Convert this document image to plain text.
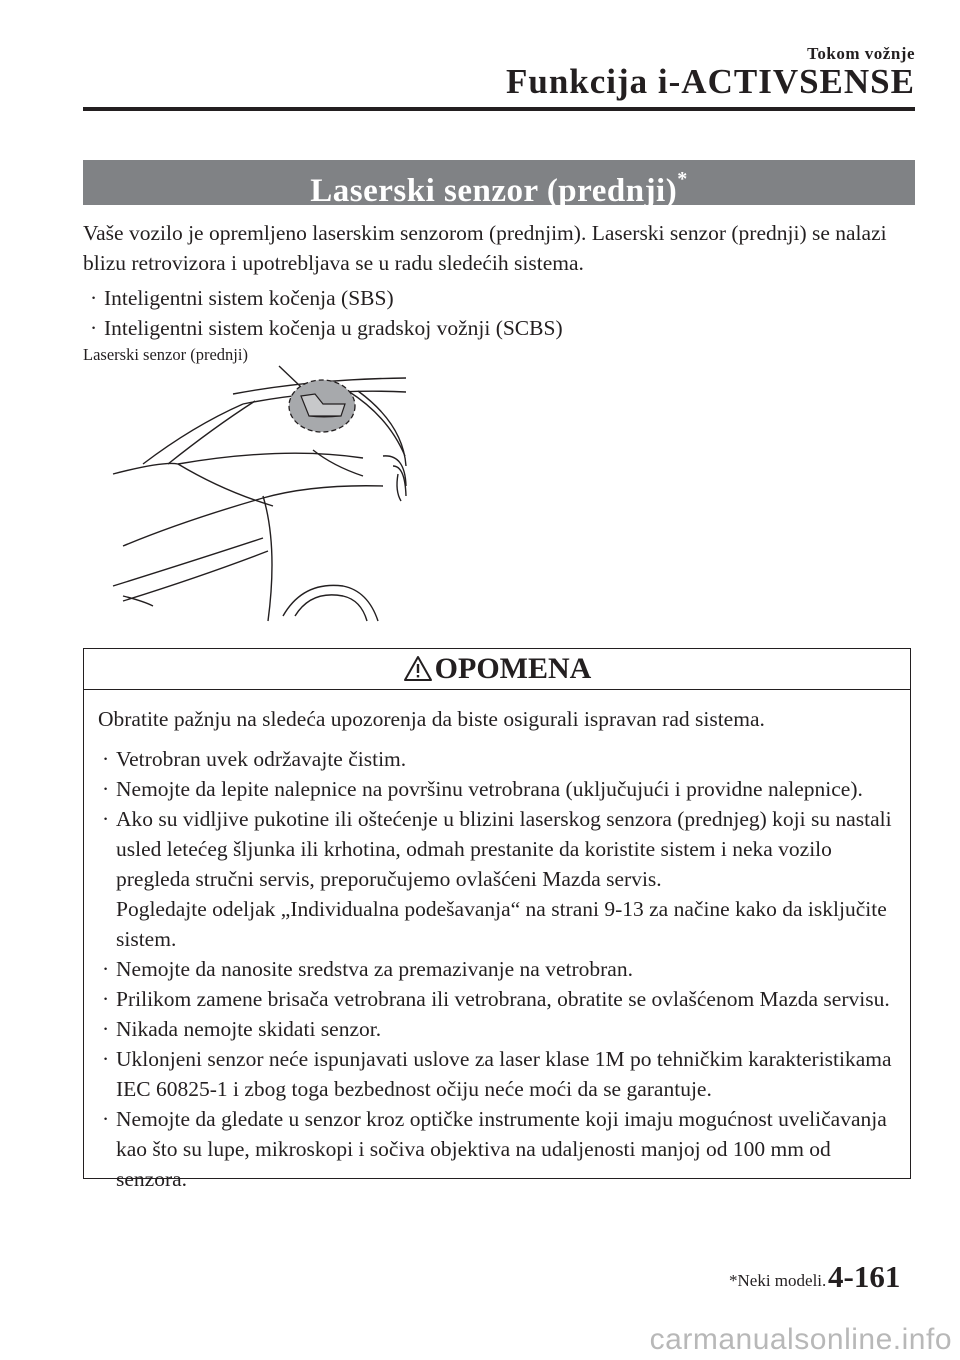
Tokom vožnje
Funkcija i-ACTIVSENSE
Laserski senzor (prednji)*
Vaše vozilo je opremljeno laserskim senzorom (prednjim). Laserski senzor (prednji) se nalazi blizu retrovizora i upotrebljava se u radu sledećih sistema.
· Inteligentni sistem kočenja (SBS)
· Inteligentni sistem kočenja u gradskoj vožnji (SCBS)
Laserski senzor (prednji)
OPOMENA
Obratite pažnju na sledeća upozorenja da biste osigurali ispravan rad sistema.
· Vetrobran uvek održavajte čistim.
· Nemojte da lepite nalepnice na površinu vetrobrana (uključujući i providne nalepnice).
· Ako su vidljive pukotine ili oštećenje u blizini laserskog senzora (prednjeg) koji su nastali usled letećeg šljunka ili krhotina, odmah prestanite da koristite sistem i neka vozilo pregleda stručni servis, preporučujemo ovlašćeni Mazda servis.
Pogledajte odeljak „Individualna podešavanja“ na strani 9-13 za načine kako da isključite sistem.
· Nemojte da nanosite sredstva za premazivanje na vetrobran.
· Prilikom zamene brisača vetrobrana ili vetrobrana, obratite se ovlašćenom Mazda servisu.
· Nikada nemojte skidati senzor.
· Uklonjeni senzor neće ispunjavati uslove za laser klase 1M po tehničkim karakteristikama IEC 60825-1 i zbog toga bezbednost očiju neće moći da se garantuje.
· Nemojte da gledate u senzor kroz optičke instrumente koji imaju mogućnost uveličavanja kao što su lupe, mikroskopi i sočiva objektiva na udaljenosti manjoj od 100 mm od senzora.
*Neki modeli. 4-161
carmanualsonline.info
